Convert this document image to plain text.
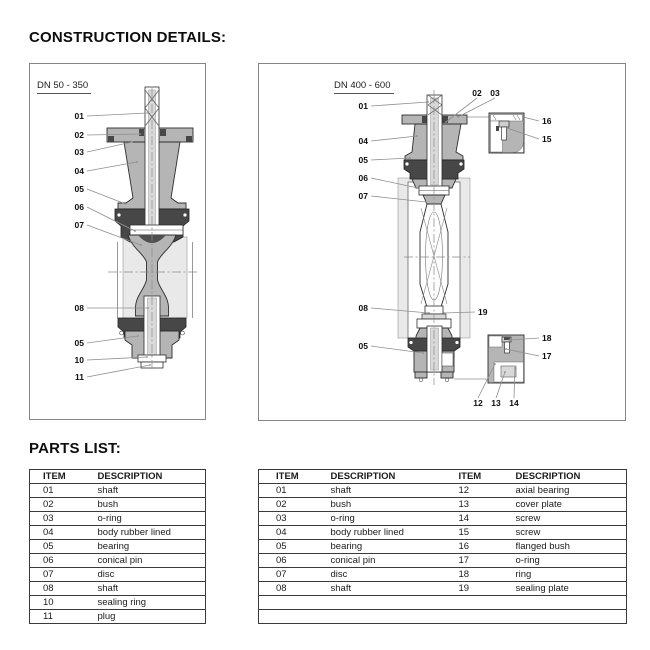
CONSTRUCTION DETAILS:
DN 50 - 350	DN 400 - 600
01
02
03
04
05
06
07
08
05
10
11
01
04
05
06
07
08
05
19
16
15
18
17
02 03
12 13 14
PARTS LIST:
ITEM	DESCRIPTION
01	shaft
02	bush
03	o-ring
04	body rubber lined
05	bearing
06	conical pin
07	disc
08	shaft
10	sealing ring
11	plug
ITEM	DESCRIPTION	ITEM	DESCRIPTION
01	shaft	12	axial bearing
02	bush	13	cover plate
03	o-ring	14	screw
04	body rubber lined	15	screw
05	bearing	16	flanged bush
06	conical pin	17	o-ring
07	disc	18	ring
08	shaft	19	sealing plate
